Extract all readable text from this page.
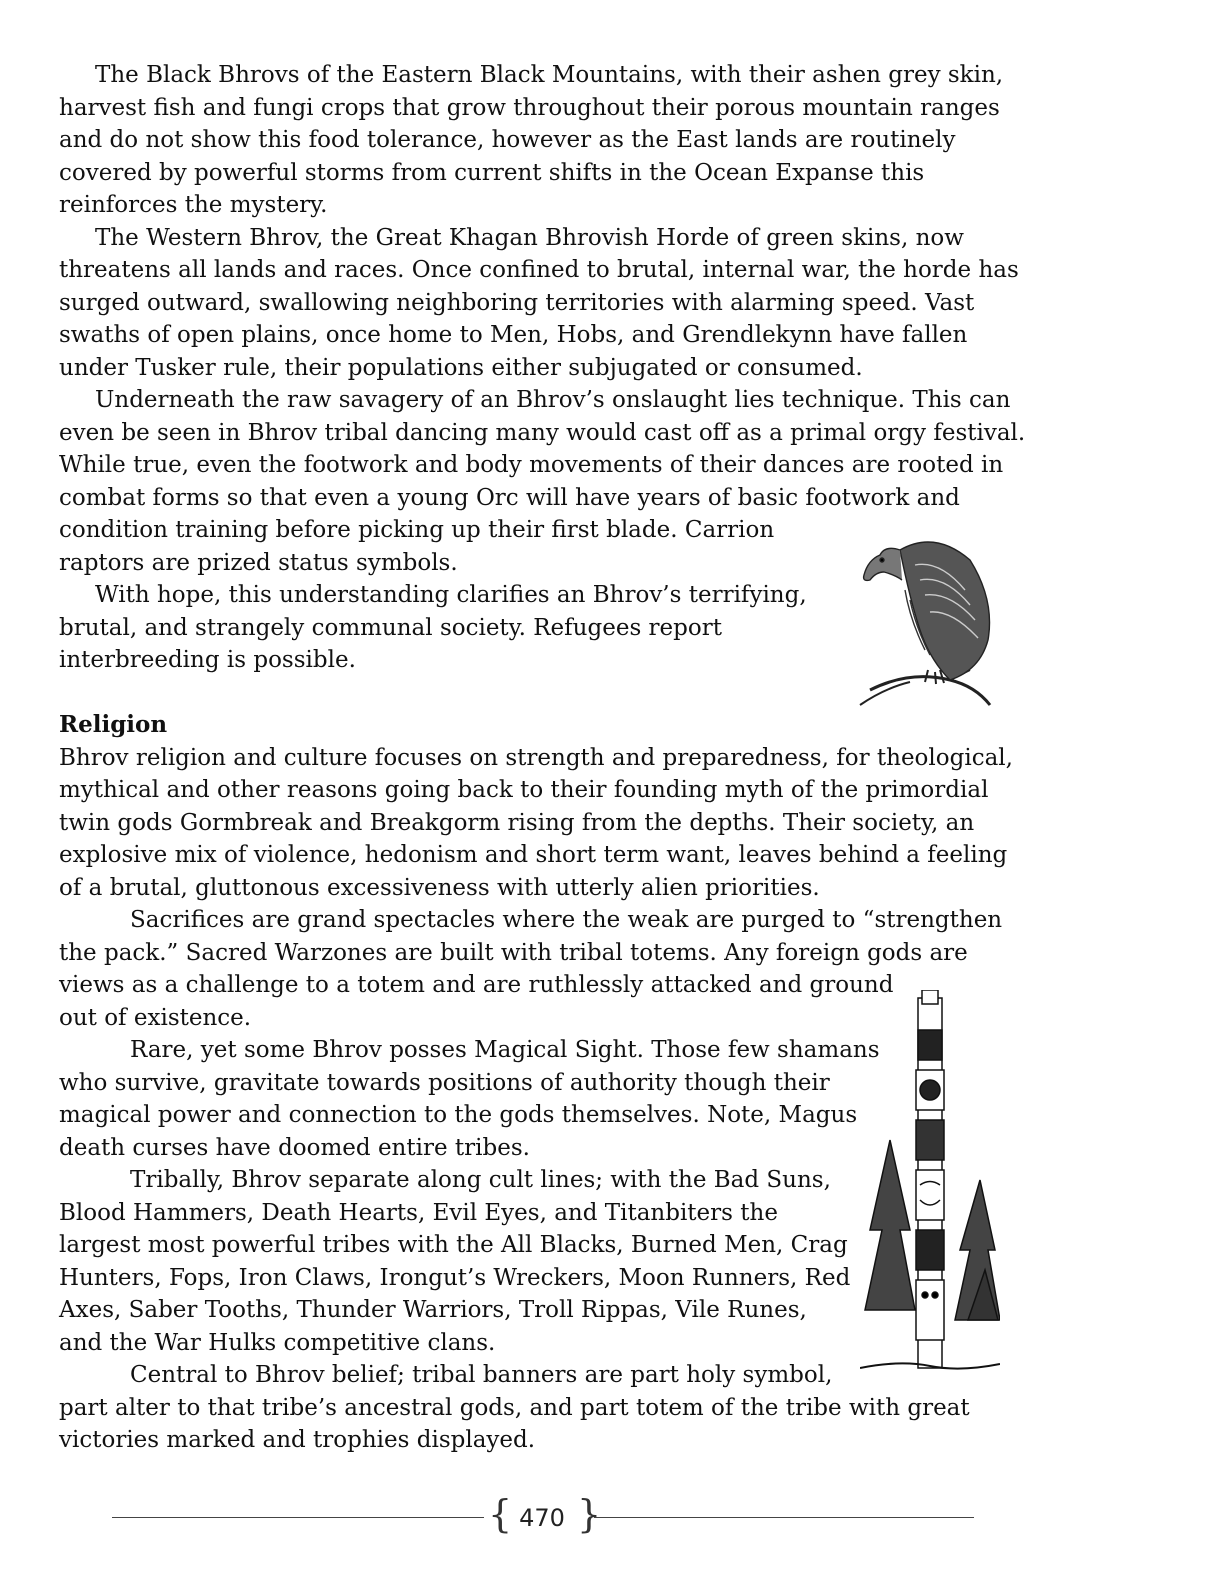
The Black Bhrovs of the Eastern Black Mountains, with their ashen grey skin,
harvest fish and fungi crops that grow throughout their porous mountain ranges
and do not show this food tolerance, however as the East lands are routinely
covered by powerful storms from current shifts in the Ocean Expanse this
reinforces the mystery.
The Western Bhrov, the Great Khagan Bhrovish Horde of green skins, now
threatens all lands and races. Once confined to brutal, internal war, the horde has
surged outward, swallowing neighboring territories with alarming speed. Vast
swaths of open plains, once home to Men, Hobs, and Grendlekynn have fallen
under Tusker rule, their populations either subjugated or consumed.
Underneath the raw savagery of an Bhrov’s onslaught lies technique. This can
even be seen in Bhrov tribal dancing many would cast off as a primal orgy festival.
While true, even the footwork and body movements of their dances are rooted in
combat forms so that even a young Orc will have years of basic footwork and
condition training before picking up their first blade. Carrion
raptors are prized status symbols.
With hope, this understanding clarifies an Bhrov’s terrifying,
brutal, and strangely communal society. Refugees report
interbreeding is possible.
Religion
Bhrov religion and culture focuses on strength and preparedness, for theological,
mythical and other reasons going back to their founding myth of the primordial
twin gods Gormbreak and Breakgorm rising from the depths. Their society, an
explosive mix of violence, hedonism and short term want, leaves behind a feeling
of a brutal, gluttonous excessiveness with utterly alien priorities.
Sacrifices are grand spectacles where the weak are purged to “strengthen
the pack.” Sacred Warzones are built with tribal totems. Any foreign gods are
views as a challenge to a totem and are ruthlessly attacked and ground
out of existence.
Rare, yet some Bhrov posses Magical Sight. Those few shamans
who survive, gravitate towards positions of authority though their
magical power and connection to the gods themselves. Note, Magus
death curses have doomed entire tribes.
Tribally, Bhrov separate along cult lines; with the Bad Suns,
Blood Hammers, Death Hearts, Evil Eyes, and Titanbiters the
largest most powerful tribes with the All Blacks, Burned Men, Crag
Hunters, Fops, Iron Claws, Irongut’s Wreckers, Moon Runners, Red
Axes, Saber Tooths, Thunder Warriors, Troll Rippas, Vile Runes,
and the War Hulks competitive clans.
Central to Bhrov belief; tribal banners are part holy symbol,
part alter to that tribe’s ancestral gods, and part totem of the tribe with great
victories marked and trophies displayed.
{ 470 }
